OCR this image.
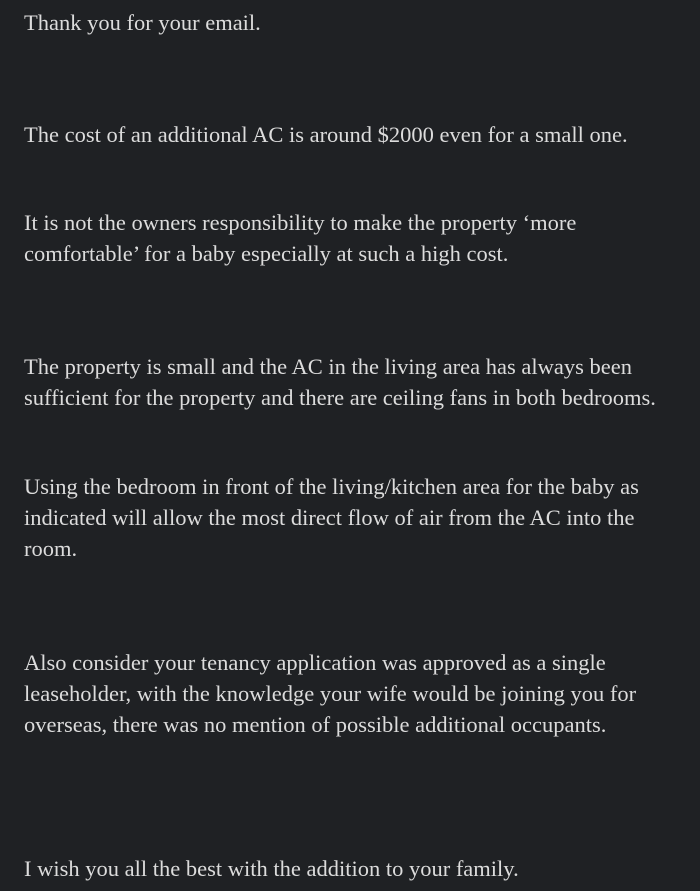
Thank you for your email.

The cost of an additional AC is around $2000 even for a small one.

It is not the owners responsibility to make the property ‘more comfortable’ for a baby especially at such a high cost.

The property is small and the AC in the living area has always been sufficient for the property and there are ceiling fans in both bedrooms.

Using the bedroom in front of the living/kitchen area for the baby as indicated will allow the most direct flow of air from the AC into the room.

Also consider your tenancy application was approved as a single leaseholder, with the knowledge your wife would be joining you for overseas, there was no mention of possible additional occupants.

I wish you all the best with the addition to your family.
